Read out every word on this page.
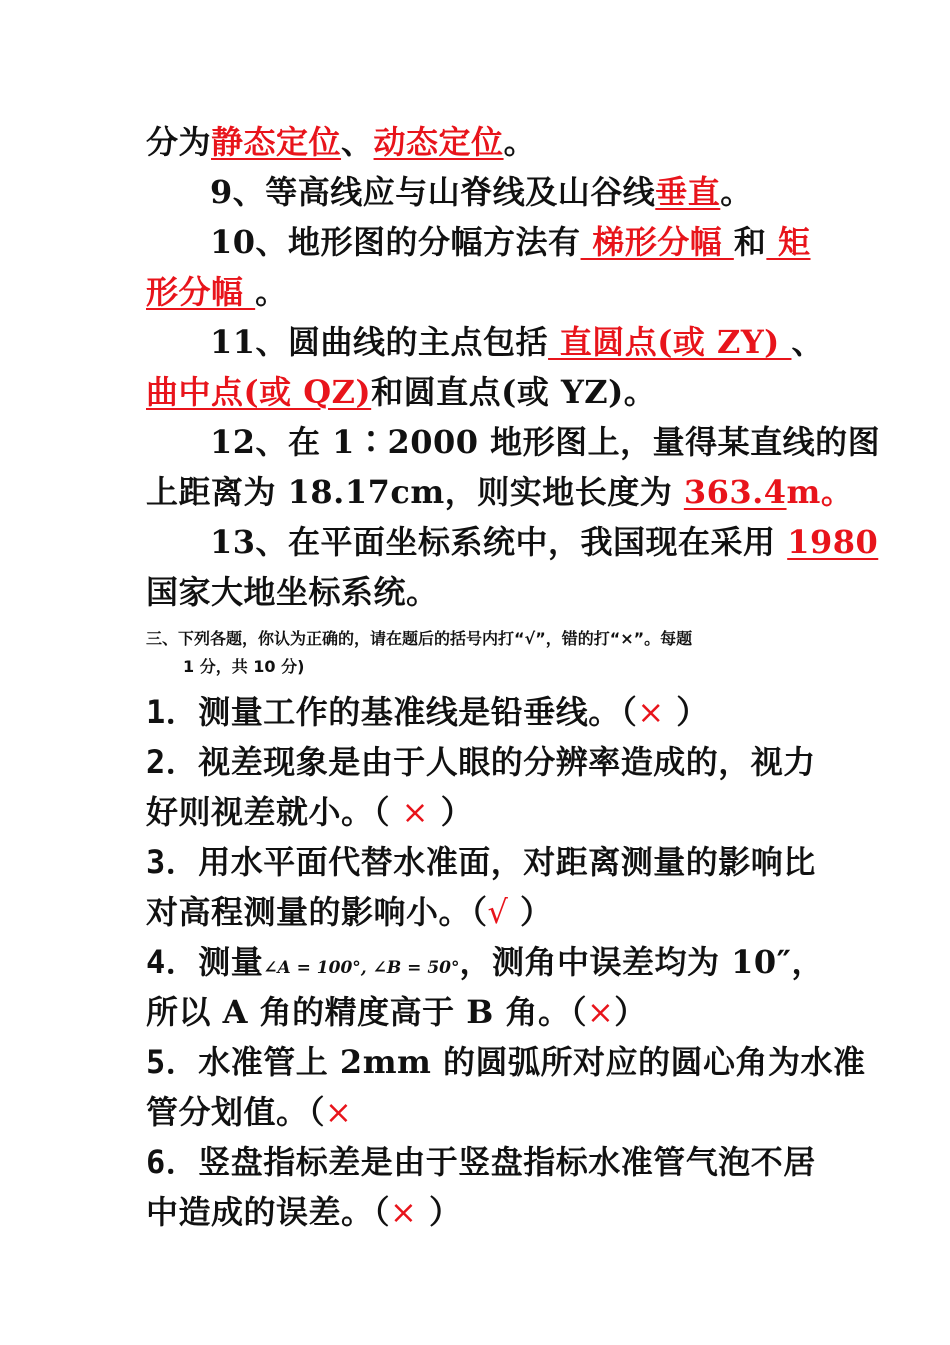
分为静态定位、动态定位。
9、等高线应与山脊线及山谷线垂直。
10、地形图的分幅方法有 梯形分幅 和 矩
形分幅 。
11、圆曲线的主点包括 直圆点(或 ZY) 、
曲中点(或 QZ)和圆直点(或 YZ)。
12、在 1∶2000 地形图上，量得某直线的图
上距离为 18.17cm，则实地长度为 363.4m。
13、在平面坐标系统中，我国现在采用 1980
国家大地坐标系统。
三、下列各题，你认为正确的，请在题后的括号内打“√”，错的打“×”。每题
1 分，共 10 分)
1．测量工作的基准线是铅垂线。（× ）
2．视差现象是由于人眼的分辨率造成的，视力
好则视差就小。（ × ）
3．用水平面代替水准面，对距离测量的影响比
对高程测量的影响小。（√ ）
4．测量∠A = 100°, ∠B = 50°，测角中误差均为 10″，
所以 A 角的精度高于 B 角。（×）
5．水准管上 2mm 的圆弧所对应的圆心角为水准
管分划值。（×
6．竖盘指标差是由于竖盘指标水准管气泡不居
中造成的误差。（× ）
